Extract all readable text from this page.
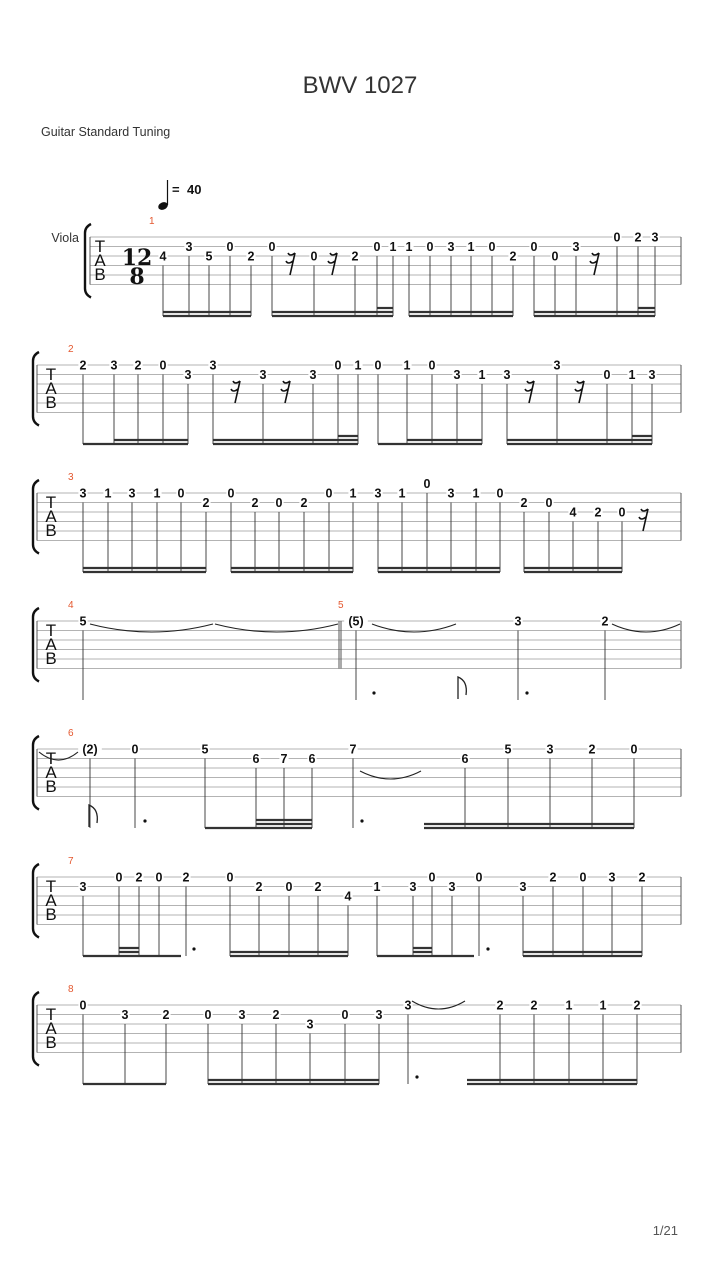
BWV 1027
Guitar Standard Tuning
Viola
= 40
T
A
B
12
8
1
4
3
5
0
2
0
0	2
0 1 1 0 3 1 0
2
0
0
3
0 2 3
T
A
B
2
2 3 2 0
3
3
3	3
0 1 0 1 0
3 1 3
3
0 1 3
T
A
B
3
3 1 3 1 0
2
0
2 0 2
0 1 3 1
0
3 1 0
2 0
4 2 0
T
A
B
4	5
5	(5)	3	2
T
A
B
6
(2)	0	5
6 7 6
7
6
5	3	2	0
T
A
B
7
3
0 2 0 2	0
2 0 2
4
1 3
0
3
0
3
2 0 3 2
T
A
B
8
0
3	2	0 3 2
3
0 3
3	2 2 1 1 2
1/21
